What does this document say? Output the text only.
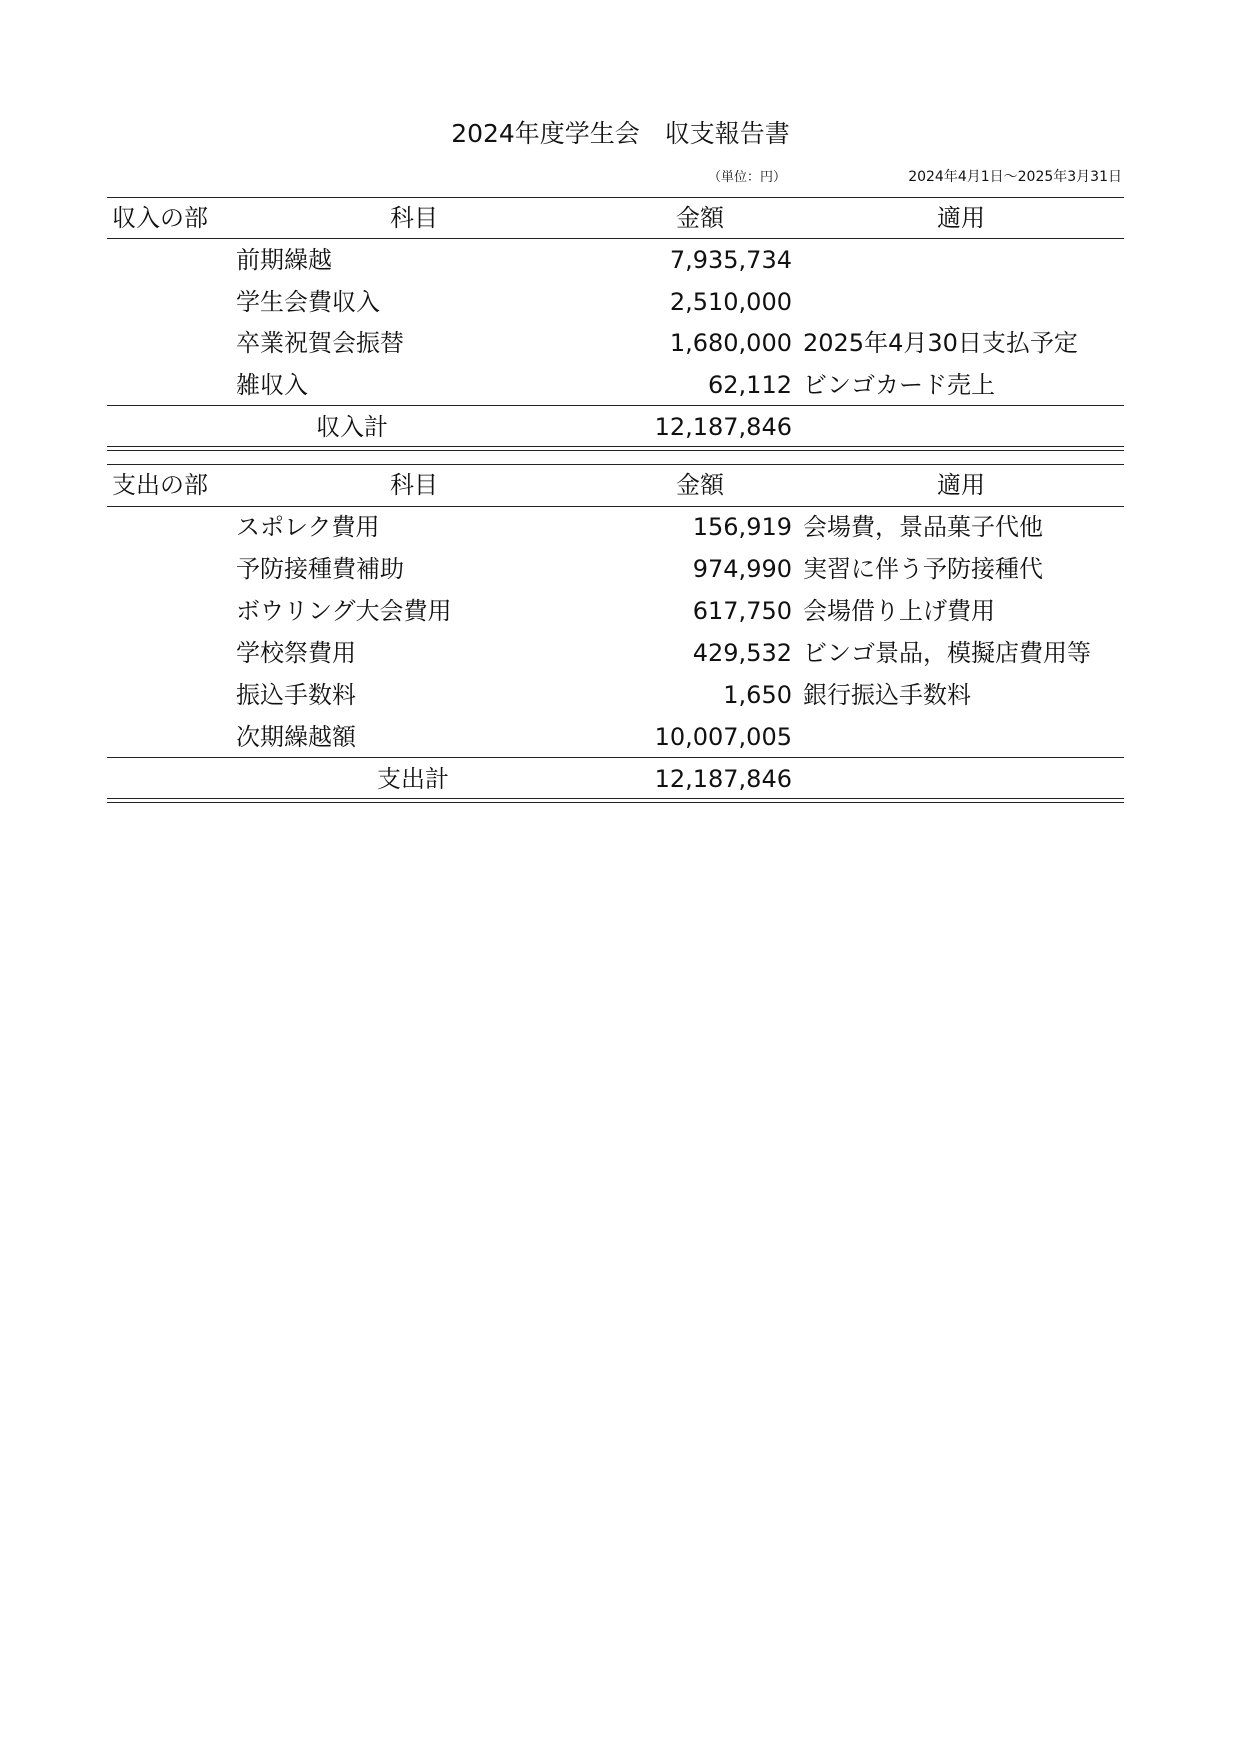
2024年度学生会　収支報告書
（単位：円）	2024年4月1日～2025年3月31日
収入の部	科目	金額	適用
前期繰越	7,935,734
学生会費収入	2,510,000
卒業祝賀会振替	1,680,000 2025年4月30日支払予定
雑収入	62,112 ビンゴカード売上
収入計	12,187,846
支出の部	科目	金額	適用
スポレク費用	156,919 会場費，景品菓子代他
予防接種費補助	974,990 実習に伴う予防接種代
ボウリング大会費用	617,750 会場借り上げ費用
学校祭費用	429,532 ビンゴ景品，模擬店費用等
振込手数料	1,650 銀行振込手数料
次期繰越額	10,007,005
支出計	12,187,846
